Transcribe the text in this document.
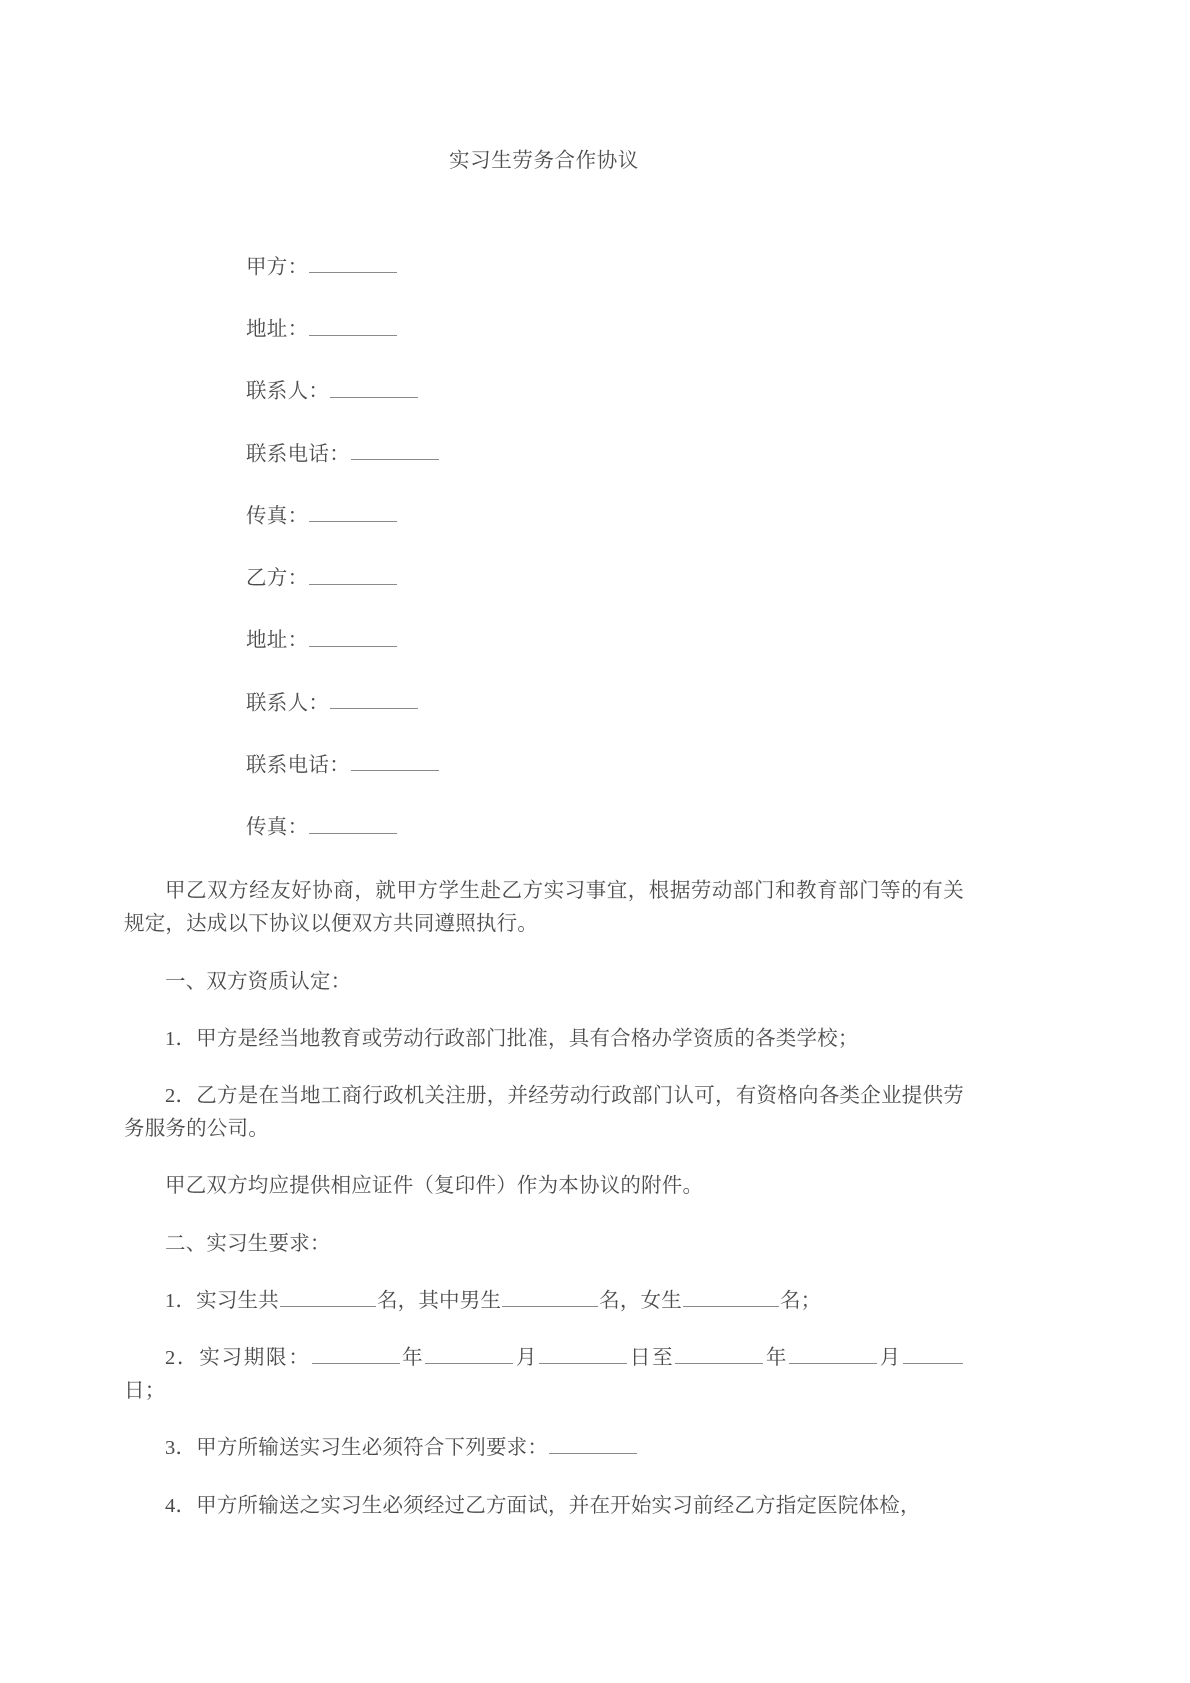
实习生劳务合作协议

甲方：

地址：

联系人：

联系电话：

传真：

乙方：

地址：

联系人：

联系电话：

传真：

甲乙双方经友好协商，就甲方学生赴乙方实习事宜，根据劳动部门和教育部门等的有关规定，达成以下协议以便双方共同遵照执行。

一、双方资质认定：

1．甲方是经当地教育或劳动行政部门批准，具有合格办学资质的各类学校；

2．乙方是在当地工商行政机关注册，并经劳动行政部门认可，有资格向各类企业提供劳务服务的公司。

甲乙双方均应提供相应证件（复印件）作为本协议的附件。

二、实习生要求：

1．实习生共	名，其中男生	名，女生	名；

2．实习期限：	年	月	日至	年	月日；

3．甲方所输送实习生必须符合下列要求：

4．甲方所输送之实习生必须经过乙方面试，并在开始实习前经乙方指定医院体检，
